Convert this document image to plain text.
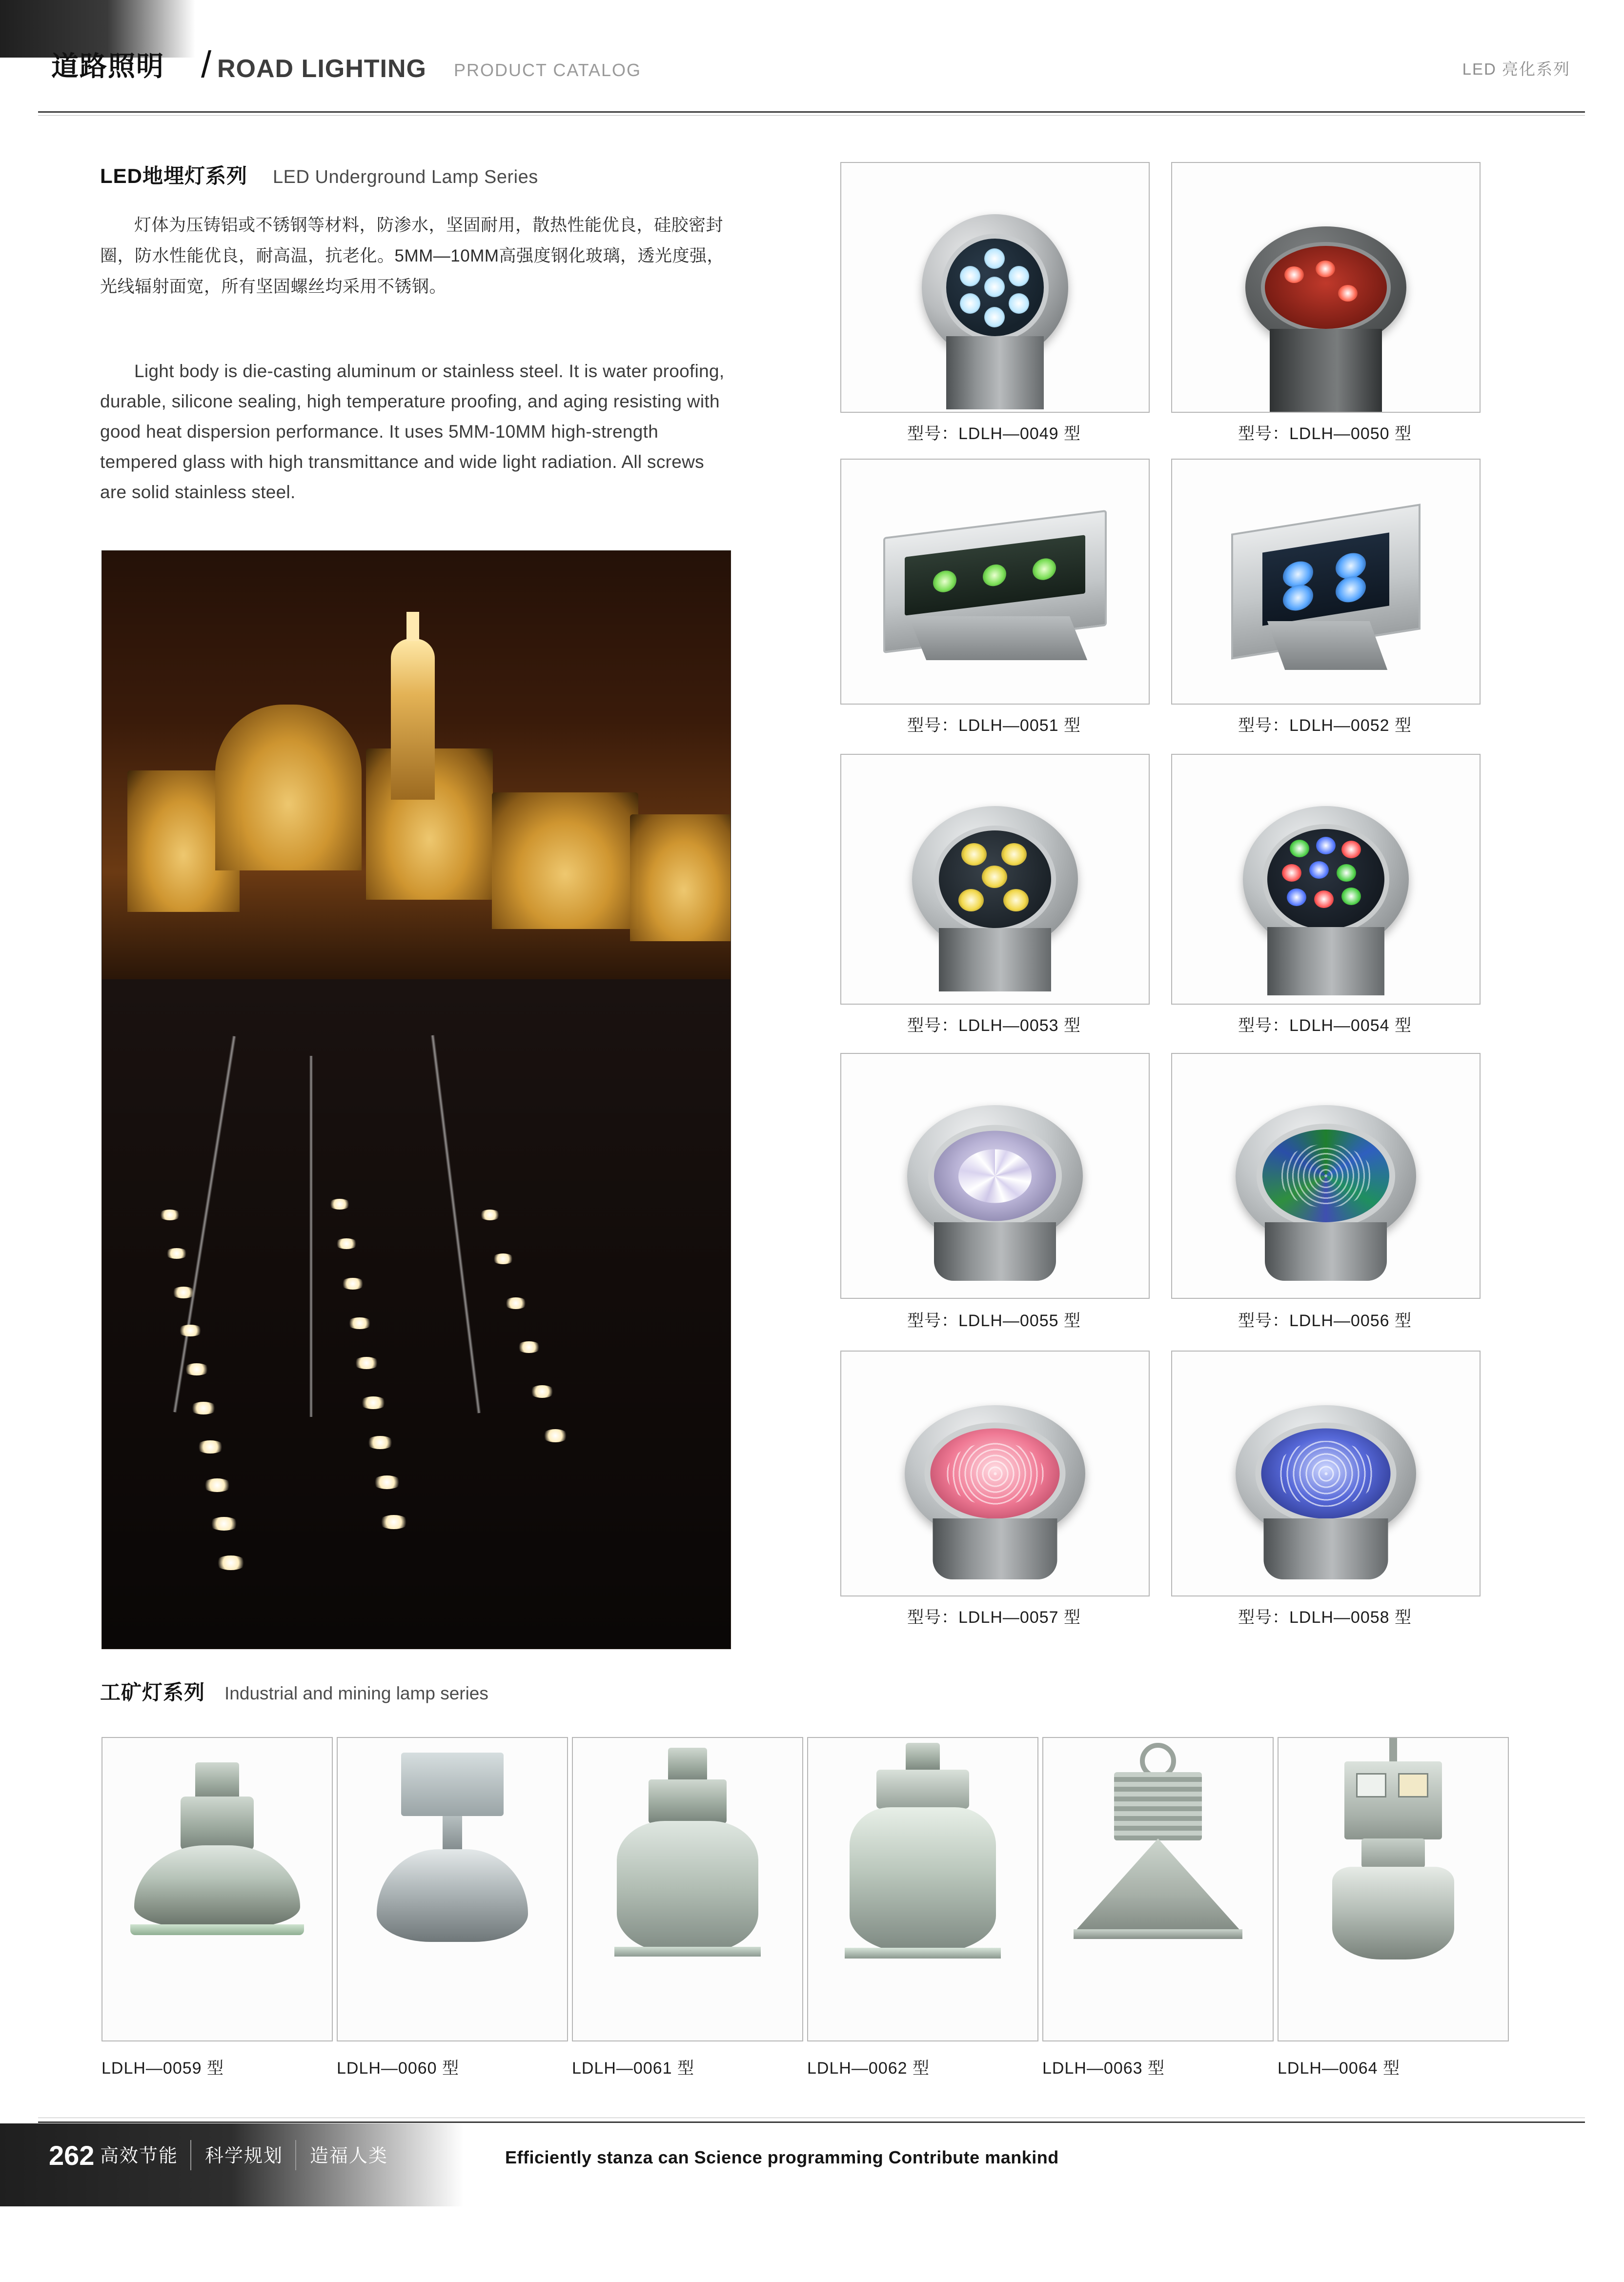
道路照明 / ROAD LIGHTING PRODUCT CATALOG	LED 亮化系列
LED地埋灯系列 LED Underground Lamp Series
灯体为压铸铝或不锈钢等材料，防渗水，坚固耐用，散热性能优良，硅胶密封圈，防水性能优良，耐高温，抗老化。5MM—10MM高强度钢化玻璃，透光度强，光线辐射面宽，所有坚固螺丝均采用不锈钢。
Light body is die-casting aluminum or stainless steel. It is water proofing, durable, silicone sealing, high temperature proofing, and aging resisting with good heat dispersion performance. It uses 5MM-10MM high-strength tempered glass with high transmittance and wide light radiation. All screws are solid stainless steel.
型号：LDLH—0049 型	型号：LDLH—0050 型
型号：LDLH—0051 型	型号：LDLH—0052 型
型号：LDLH—0053 型	型号：LDLH—0054 型
型号：LDLH—0055 型	型号：LDLH—0056 型
型号：LDLH—0057 型	型号：LDLH—0058 型
工矿灯系列 Industrial and mining lamp series
LDLH—0059 型	LDLH—0060 型	LDLH—0061 型	LDLH—0062 型	LDLH—0063 型	LDLH—0064 型
262 高效节能 科学规划 造福人类	Efficiently stanza can Science programming Contribute mankind
